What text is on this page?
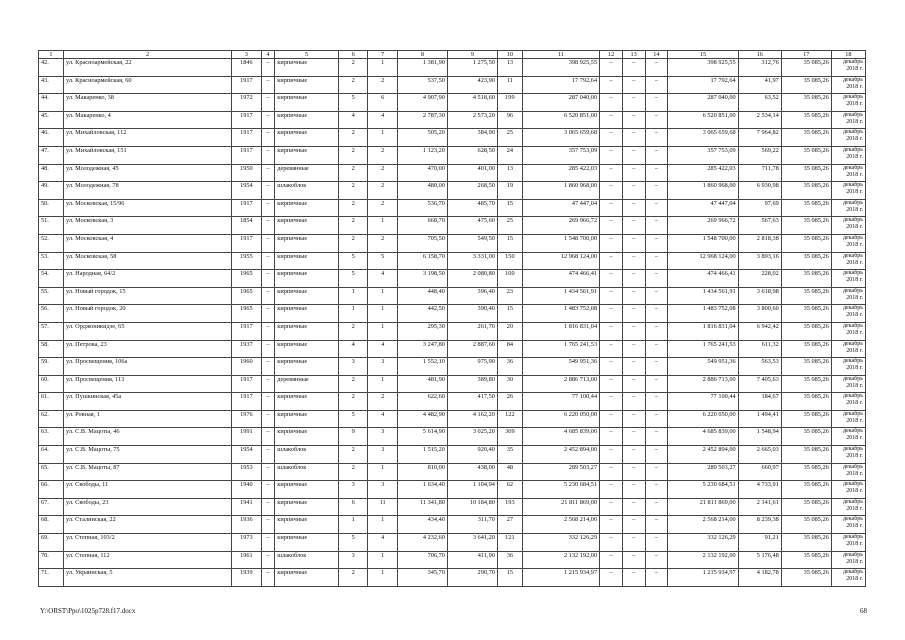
1	2	3	4	5	6	7	8	9	10	11	12	13	14	15	16	17	18
42.	ул. Красноармейская, 22	1846	–	кирпичные	2	1	1 381,90	1 275,50	13	398 925,55	–	–	–	398 925,55	312,76	35 085,26	декабрь 2018 г.
43.	ул. Красноармейская, 60	1917	–	кирпичные	2	2	537,50	423,90	11	17 792,64	–	–	–	17 792,64	41,97	35 085,26	декабрь 2018 г.
44.	ул. Макаренко, 38	1972	–	кирпичные	5	6	4 907,90	4 518,60	199	287 040,00	–	–	–	287 040,00	63,52	35 085,26	декабрь 2018 г.
45.	ул. Макаренко, 4	1917	–	кирпичные	4	4	2 787,30	2 573,20	96	6 520 851,00	–	–	–	6 520 851,00	2 534,14	35 085,26	декабрь 2018 г.
46.	ул. Михайловская, 112	1917	–	кирпичные	2	1	505,20	384,90	25	3 065 659,68	–	–	–	3 065 659,68	7 964,82	35 085,26	декабрь 2018 г.
47.	ул. Михайловская, 151	1917	–	кирпичные	2	2	1 123,20	628,50	24	357 753,09	–	–	–	357 753,09	569,22	35 085,26	декабрь 2018 г.
48.	ул. Молодежная, 45	1950	–	деревянные	2	2	470,00	401,00	13	285 422,03	–	–	–	285 422,03	711,78	35 085,26	декабрь 2018 г.
49.	ул. Молодежная, 78	1954	–	шлакоблок	2	2	480,00	268,50	19	1 860 968,00	–	–	–	1 860 968,00	6 930,98	35 085,26	декабрь 2018 г.
50.	ул. Московская, 15/96	1917	–	кирпичные	2	2	536,70	485,70	15	47 447,04	–	–	–	47 447,04	97,69	35 085,26	декабрь 2018 г.
51.	ул. Московская, 3	1854	–	кирпичные	2	1	668,70	475,60	25	269 966,72	–	–	–	269 966,72	567,63	35 085,26	декабрь 2018 г.
52.	ул. Московская, 4	1917	–	кирпичные	2	2	705,50	549,50	15	1 548 700,00	–	–	–	1 548 700,00	2 818,38	35 085,26	декабрь 2018 г.
53.	ул. Московская, 58	1955	–	кирпичные	5	5	6 158,70	3 331,00	150	12 968 124,00	–	–	–	12 968 124,00	3 893,16	35 085,26	декабрь 2018 г.
54.	ул. Народная, 64/2	1965	–	кирпичные	5	4	3 198,50	2 080,80	100	474 466,41	–	–	–	474 466,41	228,02	35 085,26	декабрь 2018 г.
55.	ул. Новый городок, 15	1965	–	кирпичные	1	1	448,40	396,40	23	1 434 561,91	–	–	–	1 434 561,91	3 618,98	35 085,26	декабрь 2018 г.
56.	ул. Новый городок, 20	1965	–	кирпичные	1	1	442,50	390,40	15	1 483 752,08	–	–	–	1 483 752,08	3 800,60	35 085,26	декабрь 2018 г.
57.	ул. Орджоникидзе, 65	1917	–	кирпичные	2	1	295,30	261,70	20	1 816 831,04	–	–	–	1 816 831,04	6 942,42	35 085,26	декабрь 2018 г.
58.	ул. Петрова, 23	1937	–	кирпичные	4	4	3 247,80	2 887,60	84	1 765 241,53	–	–	–	1 765 241,53	611,32	35 085,26	декабрь 2018 г.
59.	ул. Просвещения, 106а	1960	–	кирпичные	3	3	1 552,10	975,90	36	549 951,36	–	–	–	549 951,36	563,53	35 085,26	декабрь 2018 г.
60.	ул. Просвещения, 113	1917	–	деревянные	2	1	481,90	389,80	30	2 886 713,00	–	–	–	2 886 713,00	7 405,63	35 085,26	декабрь 2018 г.
61.	ул. Пушкинская, 45а	1917	–	кирпичные	2	2	622,60	417,50	26	77 100,44	–	–	–	77 100,44	184,67	35 085,26	декабрь 2018 г.
62.	ул. Ровная, 1	1976	–	кирпичные	5	4	4 482,90	4 162,20	122	6 220 050,00	–	–	–	6 220 050,00	1 494,41	35 085,26	декабрь 2018 г.
63.	ул. С.В. Мацоты, 46	1991	–	кирпичные	9	3	5 614,90	3 025,20	309	4 685 839,00	–	–	–	4 685 839,00	1 548,94	35 085,26	декабрь 2018 г.
64.	ул. С.В. Мацоты, 75	1954	–	шлакоблок	2	3	1 515,20	920,40	35	2 452 894,00	–	–	–	2 452 894,00	2 665,03	35 085,26	декабрь 2018 г.
65.	ул. С.В. Мацоты, 87	1953	–	шлакоблок	2	1	810,00	438,00	48	289 503,27	–	–	–	289 503,27	660,97	35 085,26	декабрь 2018 г.
66.	ул. Свободы, 11	1940	–	кирпичные	3	3	1 634,40	1 104,94	62	5 230 684,51	–	–	–	5 230 684,51	4 733,91	35 085,26	декабрь 2018 г.
67.	ул. Свободы, 23	1941	–	кирпичные	6	11	11 341,80	10 184,80	193	21 811 869,00	–	–	–	21 811 869,00	2 141,61	35 085,26	декабрь 2018 г.
68.	ул. Сталинская, 22	1936	–	кирпичные	1	1	434,40	311,70	27	2 568 214,00	–	–	–	2 568 214,00	8 239,38	35 085,26	декабрь 2018 г.
69.	ул. Степная, 103/2	1973	–	кирпичные	5	4	4 232,60	3 641,20	121	332 126,29	–	–	–	332 126,29	91,21	35 085,26	декабрь 2018 г.
70.	ул. Степная, 112	1961	–	шлакоблок	3	1	706,70	411,90	36	2 132 192,00	–	–	–	2 132 192,00	5 176,48	35 085,26	декабрь 2018 г.
71.	ул. Украинская, 5	1939	–	кирпичные	2	1	345,70	290,70	15	1 215 934,97	–	–	–	1 215 934,97	4 182,78	35 085,26	декабрь 2018 г.
Y:\ORST\Ppo\1025p728.f17.docx	68
